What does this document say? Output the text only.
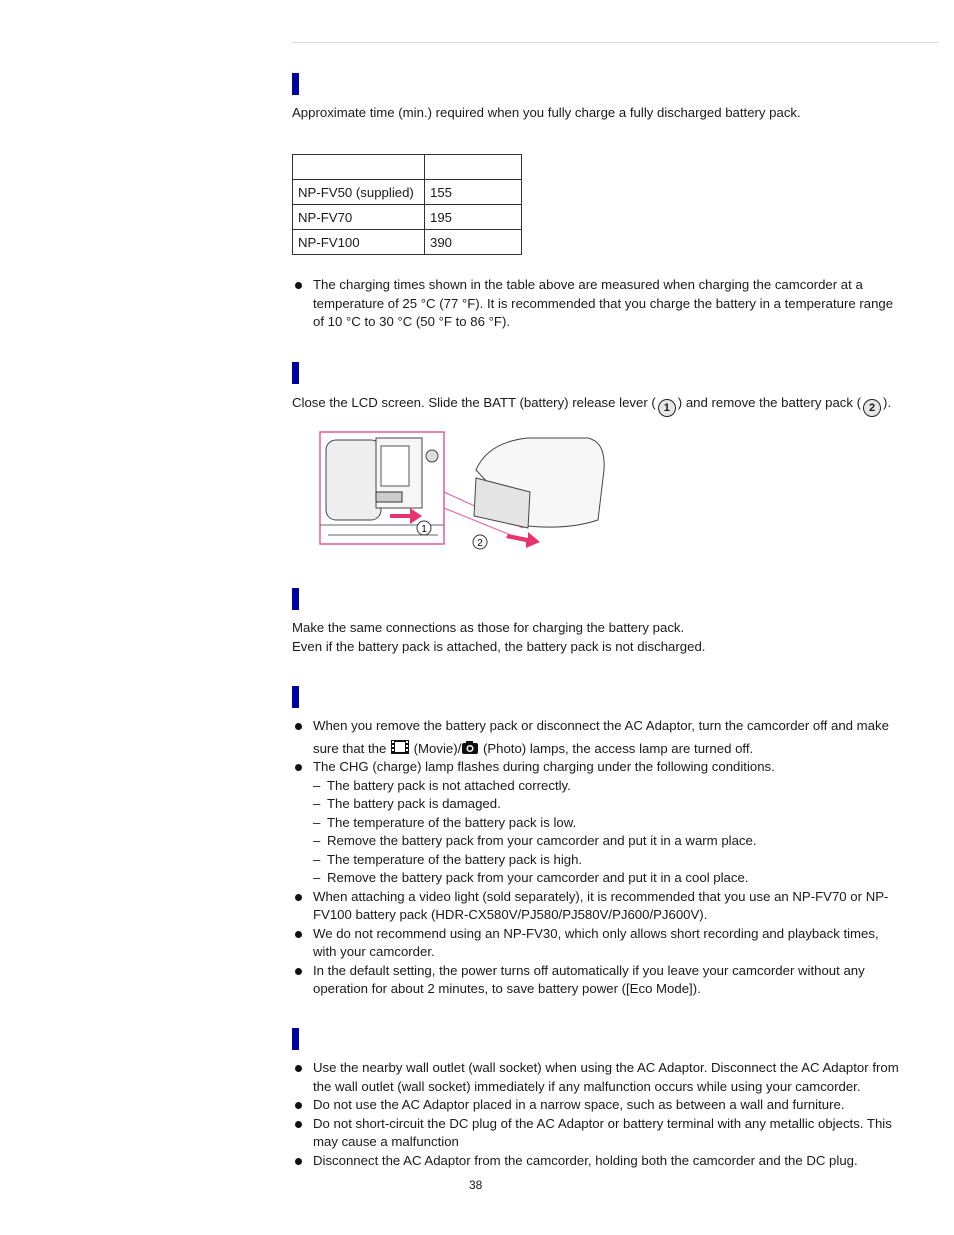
Approximate time (min.) required when you fully charge a fully discharged battery pack.

NP-FV50 (supplied)	155
NP-FV70	195
NP-FV100	390
The charging times shown in the table above are measured when charging the camcorder at a
temperature of 25 °C (77 °F). It is recommended that you charge the battery in a temperature range
of 10 °C to 30 °C (50 °F to 86 °F).
Close the LCD screen. Slide the BATT (battery) release lever ( 1 ) and remove the battery pack ( 2 ).
1
2
Make the same connections as those for charging the battery pack.
Even if the battery pack is attached, the battery pack is not discharged.
When you remove the battery pack or disconnect the AC Adaptor, turn the camcorder off and make
sure that the  (Movie)/ (Photo) lamps, the access lamp are turned off.
The CHG (charge) lamp flashes during charging under the following conditions.
– The battery pack is not attached correctly.
– The battery pack is damaged.
– The temperature of the battery pack is low.
– Remove the battery pack from your camcorder and put it in a warm place.
– The temperature of the battery pack is high.
– Remove the battery pack from your camcorder and put it in a cool place.
When attaching a video light (sold separately), it is recommended that you use an NP-FV70 or NP-
FV100 battery pack (HDR-CX580V/PJ580/PJ580V/PJ600/PJ600V).
We do not recommend using an NP-FV30, which only allows short recording and playback times,
with your camcorder.
In the default setting, the power turns off automatically if you leave your camcorder without any
operation for about 2 minutes, to save battery power ([Eco Mode]).
Use the nearby wall outlet (wall socket) when using the AC Adaptor. Disconnect the AC Adaptor from
the wall outlet (wall socket) immediately if any malfunction occurs while using your camcorder.
Do not use the AC Adaptor placed in a narrow space, such as between a wall and furniture.
Do not short-circuit the DC plug of the AC Adaptor or battery terminal with any metallic objects. This
may cause a malfunction
Disconnect the AC Adaptor from the camcorder, holding both the camcorder and the DC plug.
38
